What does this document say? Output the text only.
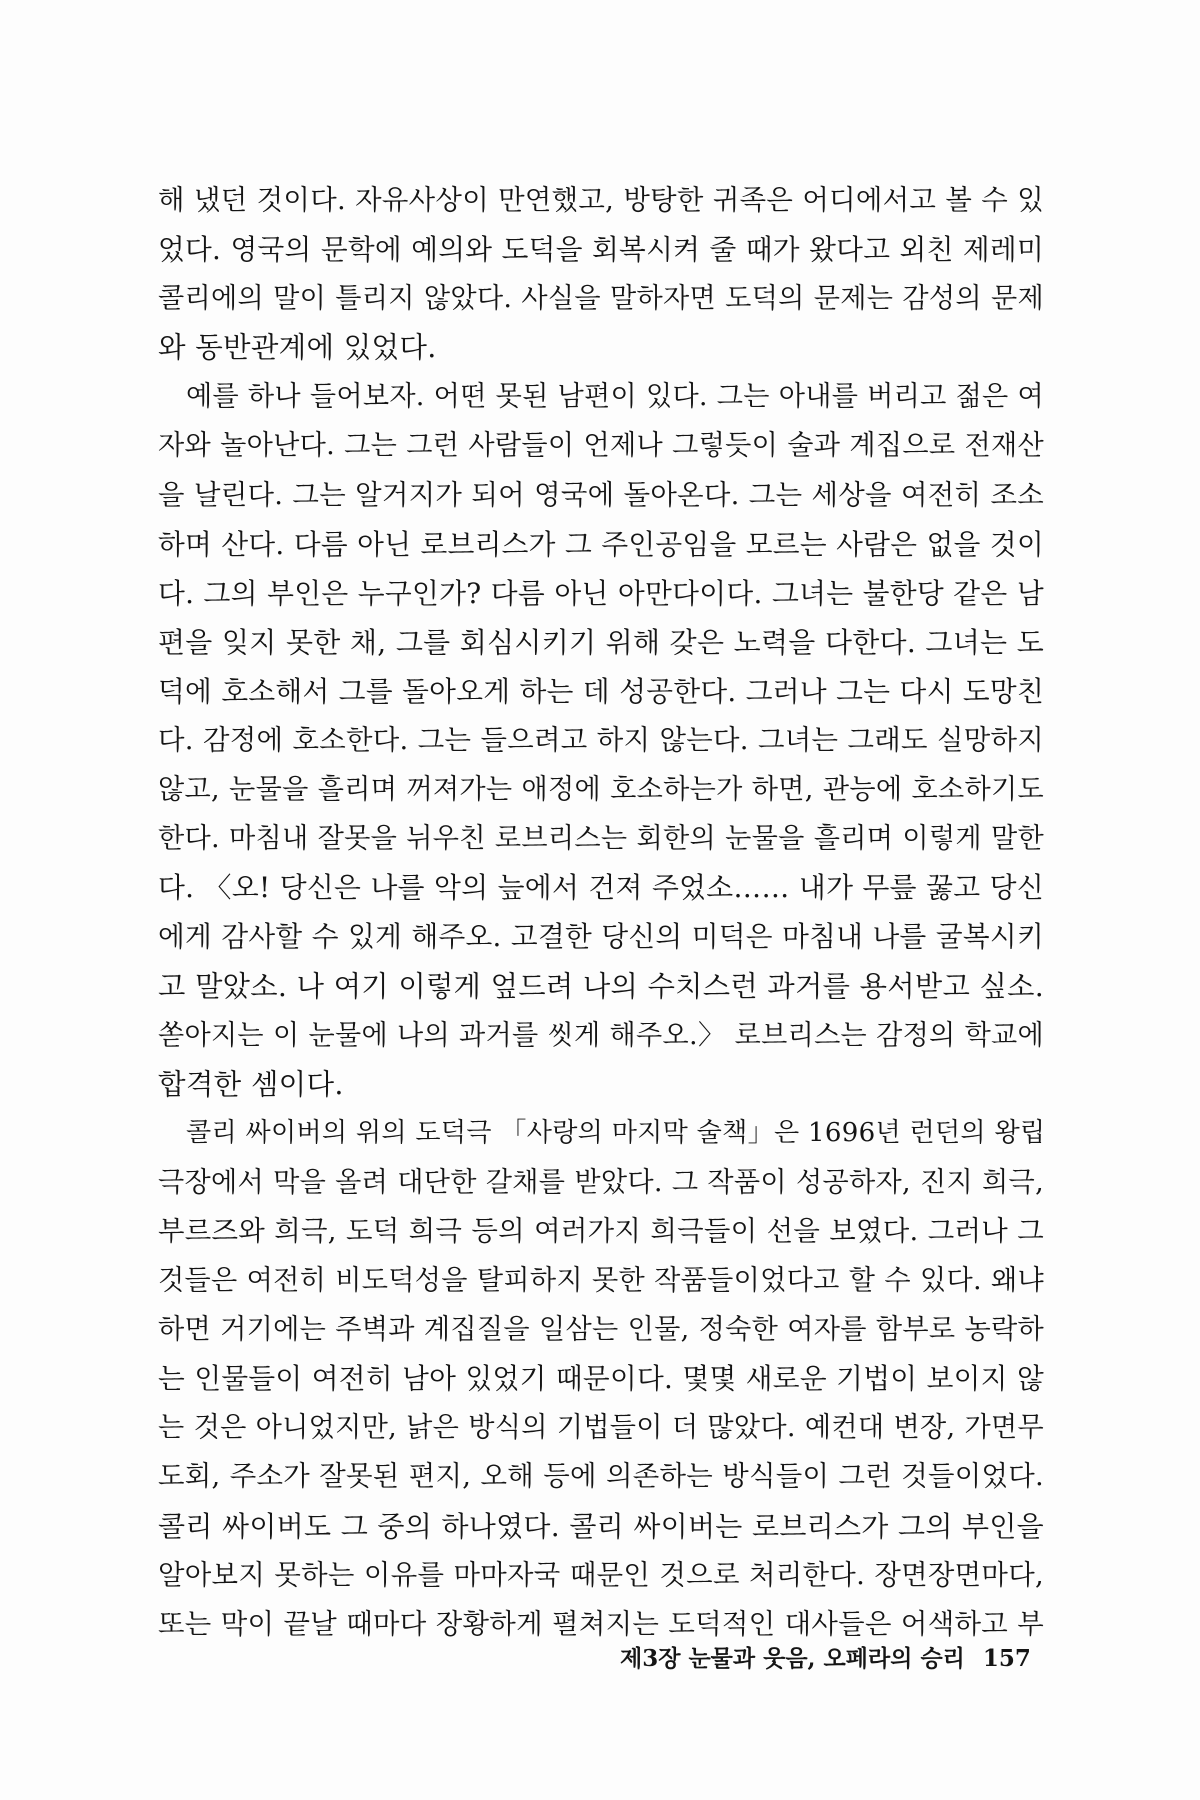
해 냈던 것이다. 자유사상이 만연했고, 방탕한 귀족은 어디에서고 볼 수 있
었다. 영국의 문학에 예의와 도덕을 회복시켜 줄 때가 왔다고 외친 제레미
콜리에의 말이 틀리지 않았다. 사실을 말하자면 도덕의 문제는 감성의 문제
와 동반관계에 있었다.
예를 하나 들어보자. 어떤 못된 남편이 있다. 그는 아내를 버리고 젊은 여
자와 놀아난다. 그는 그런 사람들이 언제나 그렇듯이 술과 계집으로 전재산
을 날린다. 그는 알거지가 되어 영국에 돌아온다. 그는 세상을 여전히 조소
하며 산다. 다름 아닌 로브리스가 그 주인공임을 모르는 사람은 없을 것이
다. 그의 부인은 누구인가? 다름 아닌 아만다이다. 그녀는 불한당 같은 남
편을 잊지 못한 채, 그를 회심시키기 위해 갖은 노력을 다한다. 그녀는 도
덕에 호소해서 그를 돌아오게 하는 데 성공한다. 그러나 그는 다시 도망친
다. 감정에 호소한다. 그는 들으려고 하지 않는다. 그녀는 그래도 실망하지
않고, 눈물을 흘리며 꺼져가는 애정에 호소하는가 하면, 관능에 호소하기도
한다. 마침내 잘못을 뉘우친 로브리스는 회한의 눈물을 흘리며 이렇게 말한
다. 〈오! 당신은 나를 악의 늪에서 건져 주었소…… 내가 무릎 꿇고 당신
에게 감사할 수 있게 해주오. 고결한 당신의 미덕은 마침내 나를 굴복시키
고 말았소. 나 여기 이렇게 엎드려 나의 수치스런 과거를 용서받고 싶소.
쏟아지는 이 눈물에 나의 과거를 씻게 해주오.〉 로브리스는 감정의 학교에
합격한 셈이다.
콜리 싸이버의 위의 도덕극 「사랑의 마지막 술책」은 1696년 런던의 왕립
극장에서 막을 올려 대단한 갈채를 받았다. 그 작품이 성공하자, 진지 희극,
부르즈와 희극, 도덕 희극 등의 여러가지 희극들이 선을 보였다. 그러나 그
것들은 여전히 비도덕성을 탈피하지 못한 작품들이었다고 할 수 있다. 왜냐
하면 거기에는 주벽과 계집질을 일삼는 인물, 정숙한 여자를 함부로 농락하
는 인물들이 여전히 남아 있었기 때문이다. 몇몇 새로운 기법이 보이지 않
는 것은 아니었지만, 낡은 방식의 기법들이 더 많았다. 예컨대 변장, 가면무
도회, 주소가 잘못된 편지, 오해 등에 의존하는 방식들이 그런 것들이었다.
콜리 싸이버도 그 중의 하나였다. 콜리 싸이버는 로브리스가 그의 부인을
알아보지 못하는 이유를 마마자국 때문인 것으로 처리한다. 장면장면마다,
또는 막이 끝날 때마다 장황하게 펼쳐지는 도덕적인 대사들은 어색하고 부
제3장 눈물과 웃음, 오페라의 승리 157
